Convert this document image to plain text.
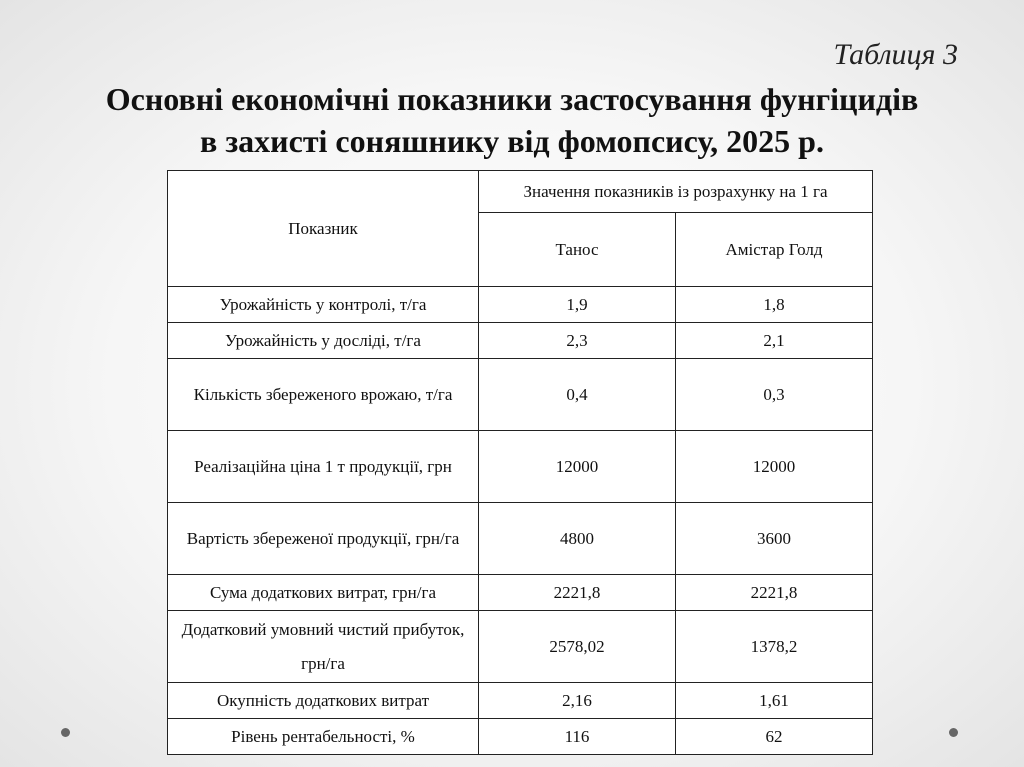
Таблиця 3
Основні економічні показники застосування фунгіцидів
в захисті соняшнику від фомопсису, 2025 р.
Показник	Значення показників із розрахунку на 1 га	
	Танос	Амістар Голд
Урожайність у контролі, т/га	1,9	1,8
Урожайність у досліді, т/га	2,3	2,1
Кількість збереженого врожаю, т/га	0,4	0,3
Реалізаційна ціна 1 т продукції, грн	12000	12000
Вартість збереженої продукції, грн/га	4800	3600
Сума додаткових витрат, грн/га	2221,8	2221,8
Додатковий умовний чистий прибуток, грн/га	2578,02	1378,2
Окупність додаткових витрат	2,16	1,61
Рівень рентабельності, %	116	62
